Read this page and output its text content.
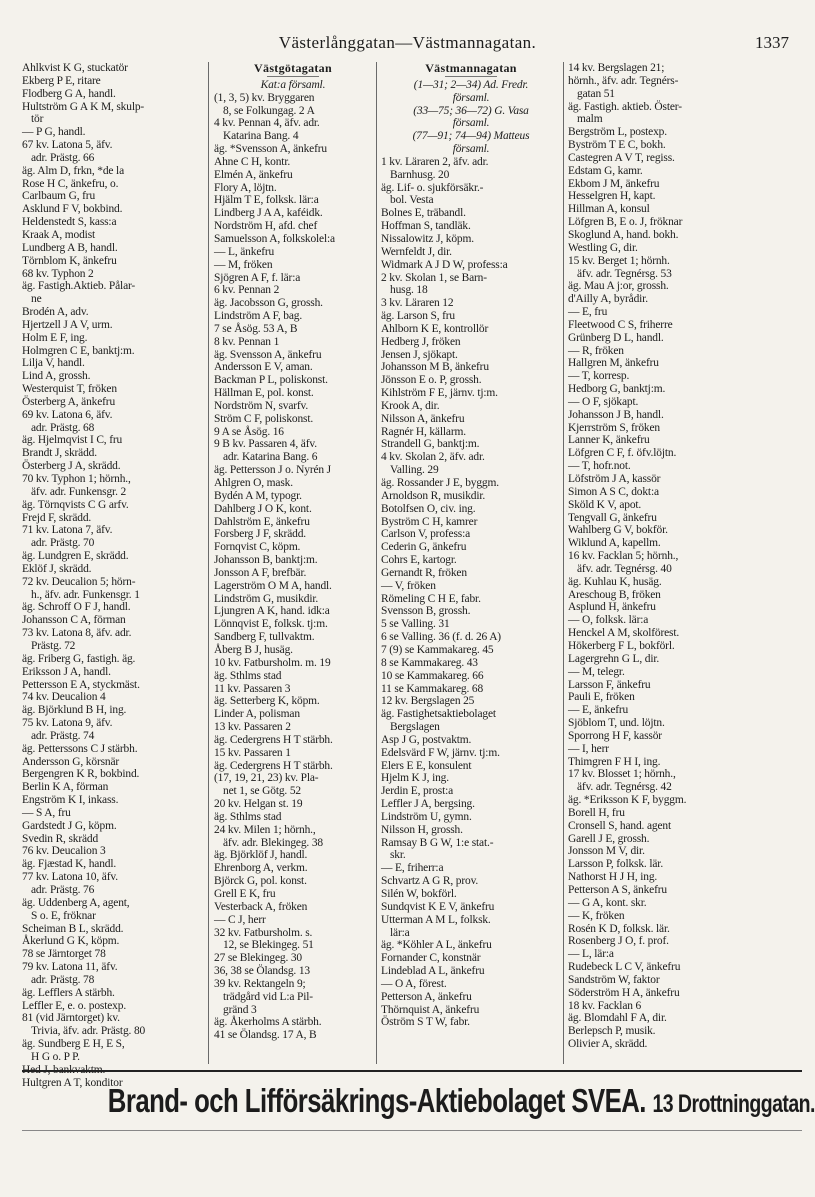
Västerlånggatan—Västmannagatan.	1337
Ahlkvist K G, stuckatör
Ekberg P E, ritare
Flodberg G A, handl.
Hultström G A K M, skulp-
tör
— P G, handl.
67 kv. Latona 5, äfv.
adr. Prästg. 66
äg. Alm D, frkn, *de la
Rose H C, änkefru, o.
Carlbaum G, fru
Asklund F V, bokbind.
Heldenstedt S, kass:a
Kraak A, modist
Lundberg A B, handl.
Törnblom K, änkefru
68 kv. Typhon 2
äg. Fastigh.Aktieb. Pålar-
ne
Brodén A, adv.
Hjertzell J A V, urm.
Holm E F, ing.
Holmgren C E, banktj:m.
Lilja V, handl.
Lind A, grossh.
Westerquist T, fröken
Österberg A, änkefru
69 kv. Latona 6, äfv.
adr. Prästg. 68
äg. Hjelmqvist I C, fru
Brandt J, skrädd.
Österberg J A, skrädd.
70 kv. Typhon 1; hörnh.,
äfv. adr. Funkensgr. 2
äg. Törnqvists C G arfv.
Frejd F, skrädd.
71 kv. Latona 7, äfv.
adr. Prästg. 70
äg. Lundgren E, skrädd.
Eklöf J, skrädd.
72 kv. Deucalion 5; hörn-
h., äfv. adr. Funkensgr. 1
äg. Schroff O F J, handl.
Johansson C A, förman
73 kv. Latona 8, äfv. adr.
Prästg. 72
äg. Friberg G, fastigh. äg.
Eriksson J A, handl.
Pettersson E A, styckmäst.
74 kv. Deucalion 4
äg. Björklund B H, ing.
75 kv. Latona 9, äfv.
adr. Prästg. 74
äg. Petterssons C J stärbh.
Andersson G, körsnär
Bergengren K R, bokbind.
Berlin K A, förman
Engström K I, inkass.
— S A, fru
Gardstedt J G, köpm.
Svedin R, skrädd
76 kv. Deucalion 3
äg. Fjæstad K, handl.
77 kv. Latona 10, äfv.
adr. Prästg. 76
äg. Uddenberg A, agent,
S o. E, fröknar
Scheiman B L, skrädd.
Åkerlund G K, köpm.
78 se Järntorget 78
79 kv. Latona 11, äfv.
adr. Prästg. 78
äg. Lefflers A stärbh.
Leffler E, e. o. postexp.
81 (vid Järntorget) kv.
Trivia, äfv. adr. Prästg. 80
äg. Sundberg E H, E S,
H G o. P P.
Hed J, bankvaktm.
Hultgren A T, konditor
Västgötagatan
Kat:a församl.
(1, 3, 5) kv. Bryggaren
8, se Folkungag. 2 A
4 kv. Pennan 4, äfv. adr.
Katarina Bang. 4
äg. *Svensson A, änkefru
Ahne C H, kontr.
Elmén A, änkefru
Flory A, löjtn.
Hjälm T E, folksk. lär:a
Lindberg J A A, kaféidk.
Nordström H, afd. chef
Samuelsson A, folkskolel:a
— L, änkefru
— M, fröken
Sjögren A F, f. lär:a
6 kv. Pennan 2
äg. Jacobsson G, grossh.
Lindström A F, bag.
7 se Åsög. 53 A, B
8 kv. Pennan 1
äg. Svensson A, änkefru
Andersson E V, aman.
Backman P L, poliskonst.
Hällman E, pol. konst.
Nordström N, svarfv.
Ström C F, poliskonst.
9 A se Åsög. 16
9 B kv. Passaren 4, äfv.
adr. Katarina Bang. 6
äg. Pettersson J o. Nyrén J
Ahlgren O, mask.
Bydén A M, typogr.
Dahlberg J O K, kont.
Dahlström E, änkefru
Forsberg J F, skrädd.
Fornqvist C, köpm.
Johansson B, banktj:m.
Jonsson A F, brefbär.
Lagerström O M A, handl.
Lindström G, musikdir.
Ljungren A K, hand. idk:a
Lönnqvist E, folksk. tj:m.
Sandberg F, tullvaktm.
Åberg B J, husäg.
10 kv. Fatbursholm. m. 19
äg. Sthlms stad
11 kv. Passaren 3
äg. Setterberg K, köpm.
Linder A, polisman
13 kv. Passaren 2
äg. Cedergrens H T stärbh.
15 kv. Passaren 1
äg. Cedergrens H T stärbh.
(17, 19, 21, 23) kv. Pla-
net 1, se Götg. 52
20 kv. Helgan st. 19
äg. Sthlms stad
24 kv. Milen 1; hörnh.,
äfv. adr. Blekingeg. 38
äg. Björklöf J, handl.
Ehrenborg A, verkm.
Björck G, pol. konst.
Grell E K, fru
Vesterback A, fröken
— C J, herr
32 kv. Fatbursholm. s.
12, se Blekingeg. 51
27 se Blekingeg. 30
36, 38 se Ölandsg. 13
39 kv. Rektangeln 9;
trädgård vid L:a Pil-
gränd 3
äg. Åkerholms A stärbh.
41 se Ölandsg. 17 A, B
Västmannagatan
(1—31; 2—34) Ad. Fredr.
församl.
(33—75; 36—72) G. Vasa
församl.
(77—91; 74—94) Matteus
församl.
1 kv. Läraren 2, äfv. adr.
Barnhusg. 20
äg. Lif- o. sjukförsäkr.-
bol. Vesta
Bolnes E, träbandl.
Hoffman S, tandläk.
Nissalowitz J, köpm.
Wernfeldt J, dir.
Widmark A J D W, profess:a
2 kv. Skolan 1, se Barn-
husg. 18
3 kv. Läraren 12
äg. Larson S, fru
Ahlborn K E, kontrollör
Hedberg J, fröken
Jensen J, sjökapt.
Johansson M B, änkefru
Jönsson E o. P, grossh.
Kihlström F E, järnv. tj:m.
Krook A, dir.
Nilsson A, änkefru
Ragnér H, källarm.
Strandell G, banktj:m.
4 kv. Skolan 2, äfv. adr.
Valling. 29
äg. Rossander J E, byggm.
Arnoldson R, musikdir.
Botolfsen O, civ. ing.
Byström C H, kamrer
Carlson V, profess:a
Cederin G, änkefru
Cohrs E, kartogr.
Gernandt R, fröken
— V, fröken
Römeling C H E, fabr.
Svensson B, grossh.
5 se Valling. 31
6 se Valling. 36 (f. d. 26 A)
7 (9) se Kammakareg. 45
8 se Kammakareg. 43
10 se Kammakareg. 66
11 se Kammakareg. 68
12 kv. Bergslagen 25
äg. Fastighetsaktiebolaget
Bergslagen
Asp J G, postvaktm.
Edelsvärd F W, järnv. tj:m.
Elers E E, konsulent
Hjelm K J, ing.
Jerdin E, prost:a
Leffler J A, bergsing.
Lindström U, gymn.
Nilsson H, grossh.
Ramsay B G W, 1:e stat.-
skr.
— E, friherr:a
Schvartz A G R, prov.
Silén W, bokförl.
Sundqvist K E V, änkefru
Utterman A M L, folksk.
lär:a
äg. *Köhler A L, änkefru
Fornander C, konstnär
Lindeblad A L, änkefru
— O A, förest.
Petterson A, änkefru
Thörnquist A, änkefru
Öström S T W, fabr.
14 kv. Bergslagen 21;
hörnh., äfv. adr. Tegnérs-
gatan 51
äg. Fastigh. aktieb. Öster-
malm
Bergström L, postexp.
Byström T E C, bokh.
Castegren A V T, regiss.
Edstam G, kamr.
Ekbom J M, änkefru
Hesselgren H, kapt.
Hillman A, konsul
Löfgren B, E o. J, fröknar
Skoglund A, hand. bokh.
Westling G, dir.
15 kv. Berget 1; hörnh.
äfv. adr. Tegnérsg. 53
äg. Mau A j:or, grossh.
d'Ailly A, byrådir.
— E, fru
Fleetwood C S, friherre
Grünberg D L, handl.
— R, fröken
Hallgren M, änkefru
— T, korresp.
Hedborg G, banktj:m.
— O F, sjökapt.
Johansson J B, handl.
Kjerrström S, fröken
Lanner K, änkefru
Löfgren C F, f. öfv.löjtn.
— T, hofr.not.
Löfström J A, kassör
Simon A S C, dokt:a
Sköld K V, apot.
Tengvall G, änkefru
Wahlberg G V, bokför.
Wiklund A, kapellm.
16 kv. Facklan 5; hörnh.,
äfv. adr. Tegnérsg. 40
äg. Kuhlau K, husäg.
Areschoug B, fröken
Asplund H, änkefru
— O, folksk. lär:a
Henckel A M, skolförest.
Hökerberg F L, bokförl.
Lagergrehn G L, dir.
— M, telegr.
Larsson F, änkefru
Pauli E, fröken
— E, änkefru
Sjöblom T, und. löjtn.
Sporrong H F, kassör
— I, herr
Thimgren F H I, ing.
17 kv. Blosset 1; hörnh.,
äfv. adr. Tegnérsg. 42
äg. *Eriksson K F, byggm.
Borell H, fru
Cronsell S, hand. agent
Garell J E, grossh.
Jonsson M V, dir.
Larsson P, folksk. lär.
Nathorst H J H, ing.
Petterson A S, änkefru
— G A, kont. skr.
— K, fröken
Rosén K D, folksk. lär.
Rosenberg J O, f. prof.
— L, lär:a
Rudebeck L C V, änkefru
Sandström W, faktor
Söderström H A, änkefru
18 kv. Facklan 6
äg. Blomdahl F A, dir.
Berlepsch P, musik.
Olivier A, skrädd.
Brand- och Lifförsäkrings-Aktiebolaget SVEA. 13 Drottninggatan.
